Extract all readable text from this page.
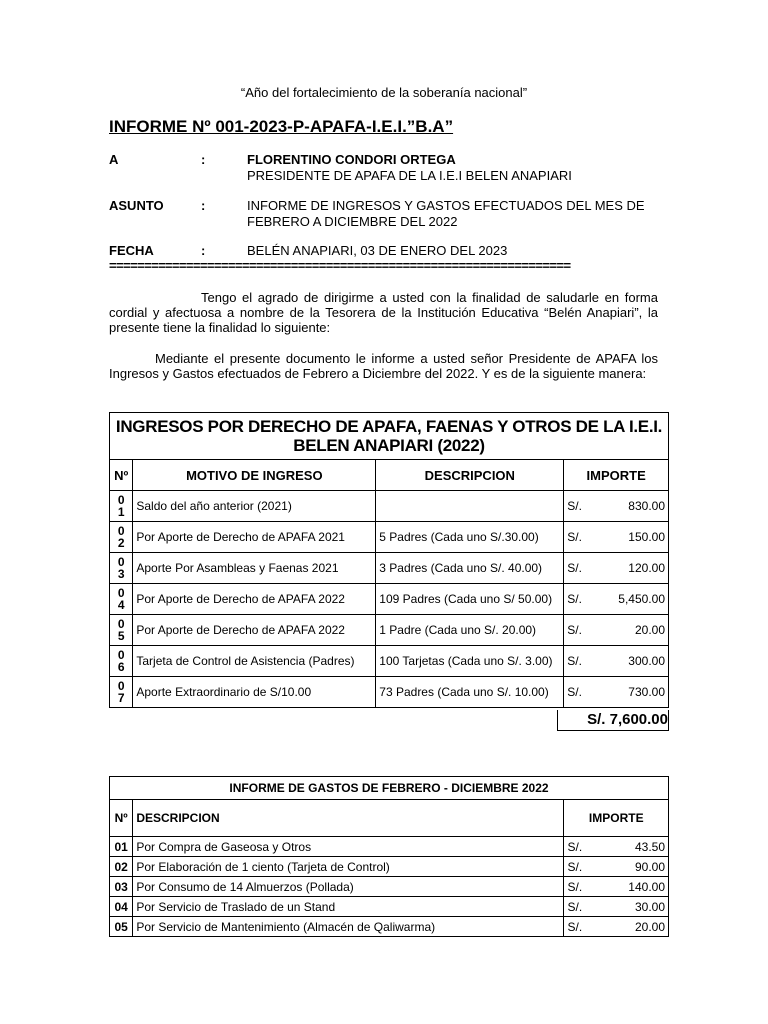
“Año del fortalecimiento de la soberanía nacional”
INFORME Nº 001-2023-P-APAFA-I.E.I.”B.A”
A	:	FLORENTINO CONDORI ORTEGA
PRESIDENTE DE APAFA DE LA I.E.I BELEN ANAPIARI
ASUNTO	:	INFORME DE INGRESOS Y GASTOS EFECTUADOS DEL MES DE FEBRERO A DICIEMBRE DEL 2022
FECHA	:	BELÉN ANAPIARI, 03 DE ENERO DEL 2023
==================================================================
Tengo el agrado de dirigirme a usted con la finalidad de saludarle en forma cordial y afectuosa a nombre de la Tesorera de la Institución Educativa “Belén Anapiari”, la presente tiene la finalidad lo siguiente:
Mediante el presente documento le informe a usted señor Presidente de APAFA los Ingresos y Gastos efectuados de Febrero a Diciembre del 2022. Y es de la siguiente manera:
INGRESOS POR DERECHO DE APAFA, FAENAS Y OTROS DE LA I.E.I. BELEN ANAPIARI (2022)			
Nº	MOTIVO DE INGRESO	DESCRIPCION	IMPORTE
0
1	Saldo del año anterior (2021)		S/. 830.00

0
2	Por Aporte de Derecho de APAFA 2021	5 Padres (Cada uno S/.30.00)	S/. 150.00

0
3	Aporte Por Asambleas y Faenas 2021	3 Padres (Cada uno S/. 40.00)	S/. 120.00

0
4	Por Aporte de Derecho de APAFA 2022	109 Padres (Cada uno S/ 50.00)	S/. 5,450.00

0
5	Por Aporte de Derecho de APAFA 2022	1 Padre (Cada uno S/. 20.00)	S/. 20.00

0
6	Tarjeta de Control de Asistencia (Padres)	100 Tarjetas (Cada uno S/. 3.00)	S/. 300.00

0
7	Aporte Extraordinario de S/10.00	73 Padres (Cada uno S/. 10.00)	S/. 730.00
S/. 7,600.00
INFORME DE GASTOS DE FEBRERO - DICIEMBRE 2022		
Nº	DESCRIPCION	IMPORTE
01	Por Compra de Gaseosa y Otros	S/. 43.50

02	Por Elaboración de 1 ciento (Tarjeta de Control)	S/. 90.00

03	Por Consumo de 14 Almuerzos (Pollada)	S/. 140.00

04	Por Servicio de Traslado de un Stand	S/. 30.00

05	Por Servicio de Mantenimiento (Almacén de Qaliwarma)	S/. 20.00
